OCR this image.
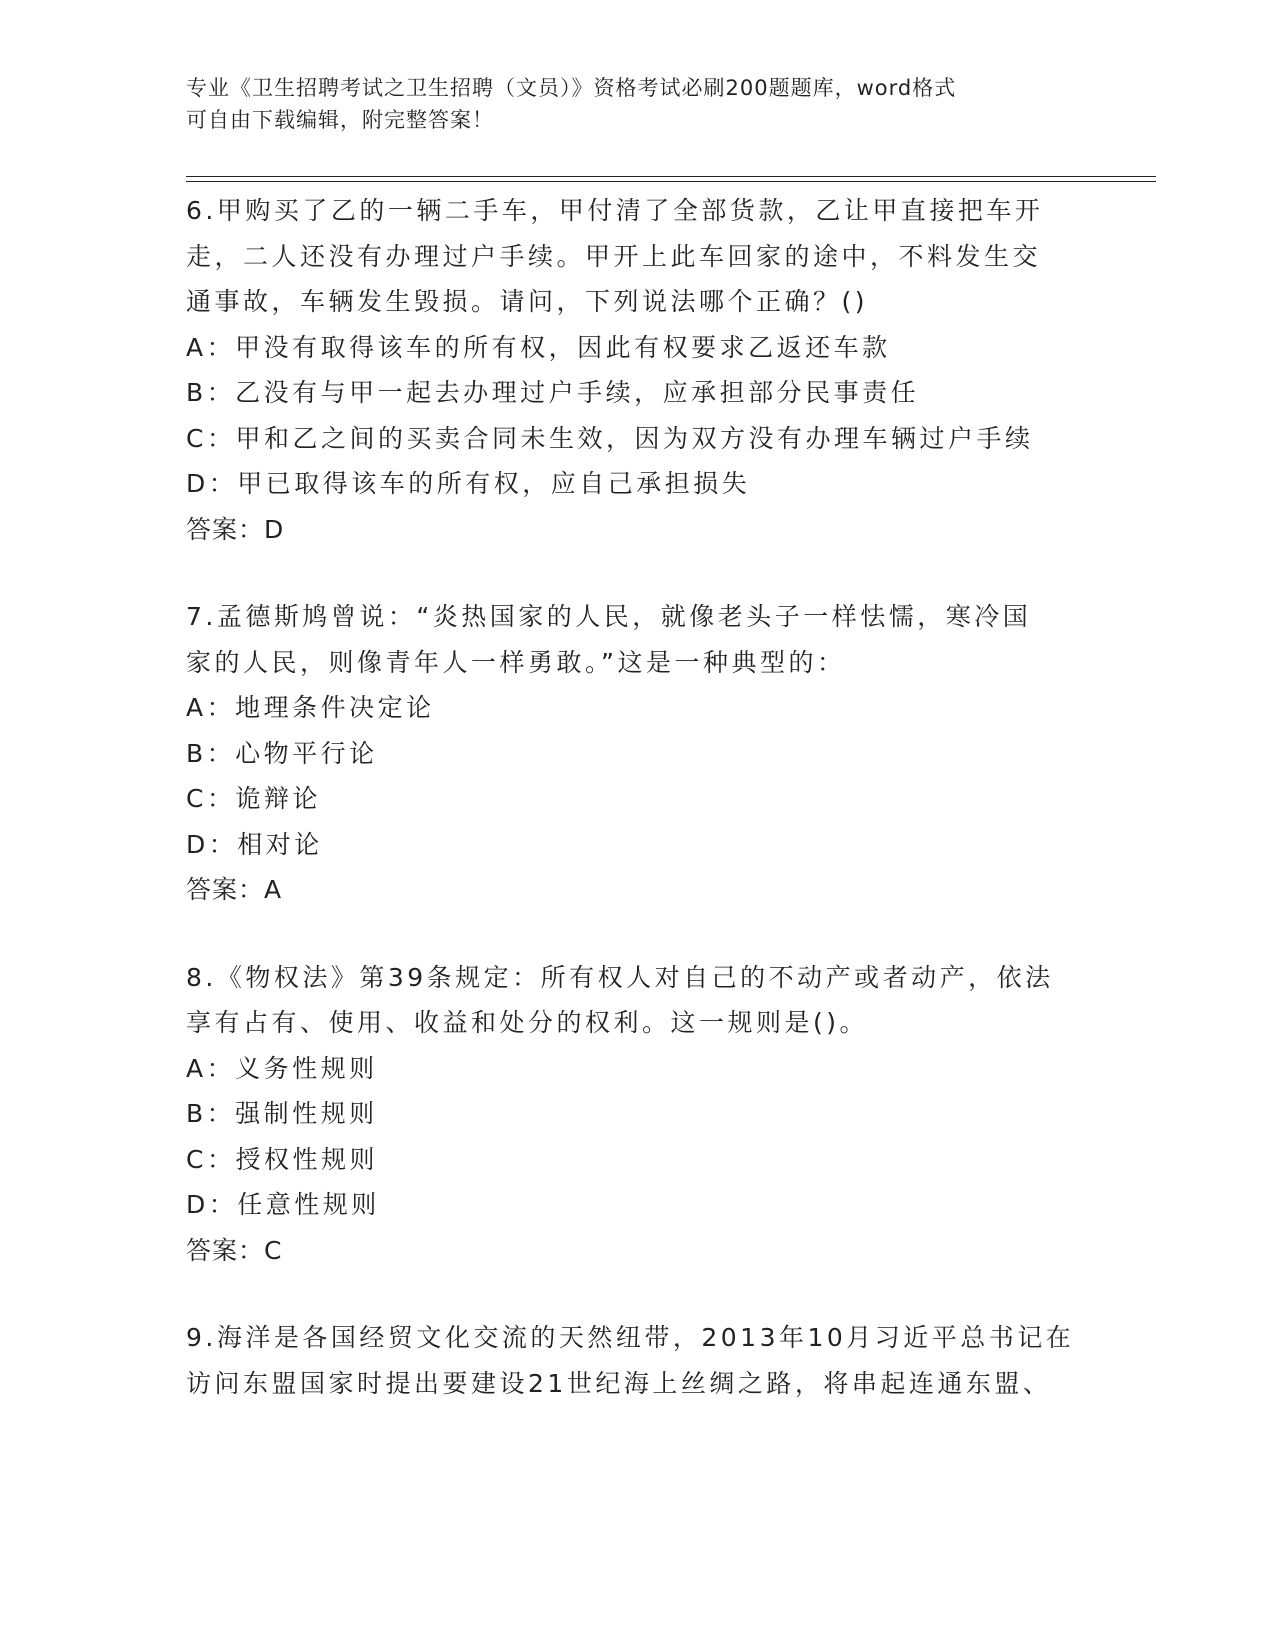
专业《卫生招聘考试之卫生招聘（文员）》资格考试必刷200题题库，word格式
可自由下载编辑，附完整答案！
6.甲购买了乙的一辆二手车，甲付清了全部货款，乙让甲直接把车开
走，二人还没有办理过户手续。甲开上此车回家的途中，不料发生交
通事故，车辆发生毁损。请问，下列说法哪个正确？()
A：甲没有取得该车的所有权，因此有权要求乙返还车款
B：乙没有与甲一起去办理过户手续，应承担部分民事责任
C：甲和乙之间的买卖合同未生效，因为双方没有办理车辆过户手续
D：甲已取得该车的所有权，应自己承担损失
答案：D
7.孟德斯鸠曾说：“炎热国家的人民，就像老头子一样怯懦，寒冷国
家的人民，则像青年人一样勇敢。”这是一种典型的：
A：地理条件决定论
B：心物平行论
C：诡辩论
D：相对论
答案：A
8.《物权法》第39条规定：所有权人对自己的不动产或者动产，依法
享有占有、使用、收益和处分的权利。这一规则是()。
A：义务性规则
B：强制性规则
C：授权性规则
D：任意性规则
答案：C
9.海洋是各国经贸文化交流的天然纽带，2013年10月习近平总书记在
访问东盟国家时提出要建设21世纪海上丝绸之路，将串起连通东盟、
